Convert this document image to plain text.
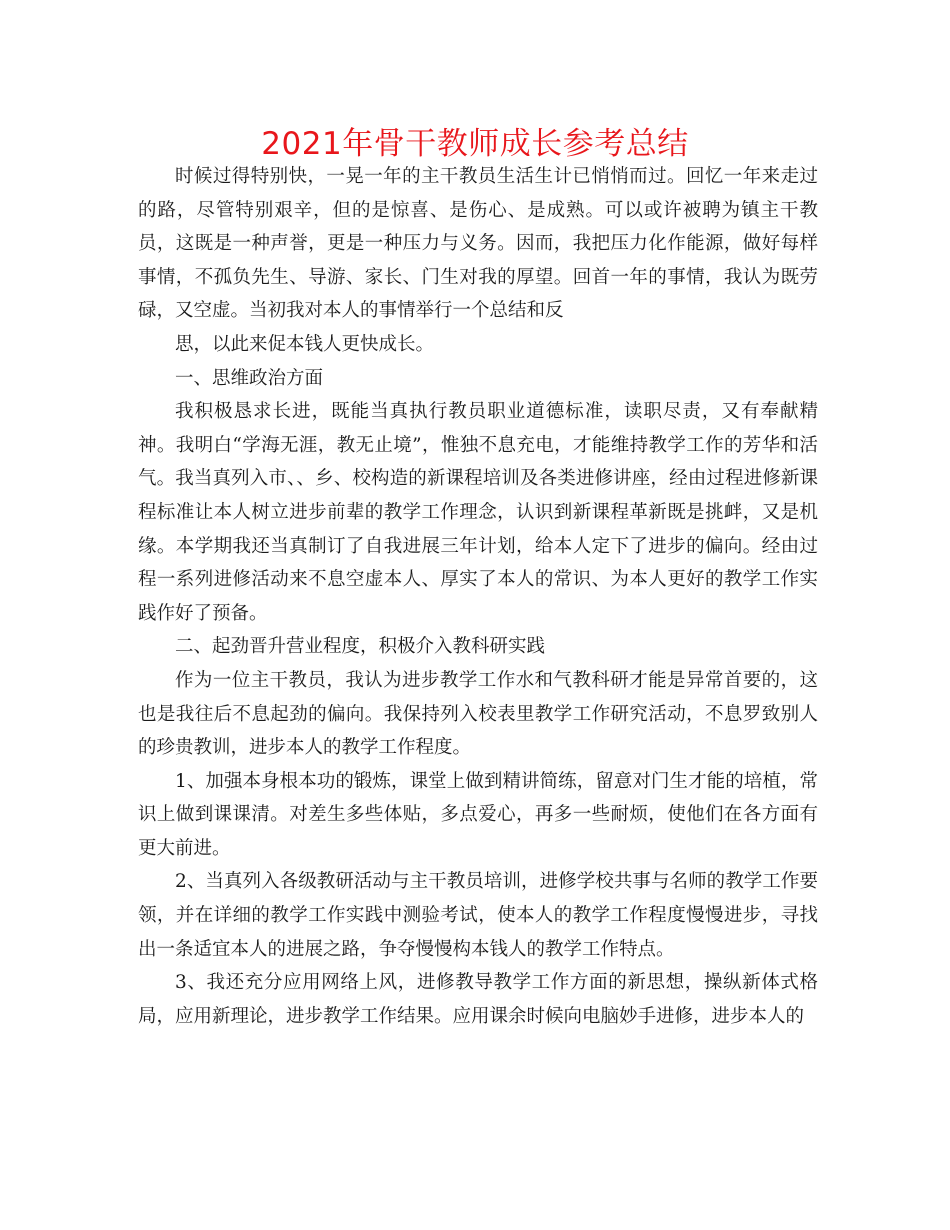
2021年骨干教师成长参考总结

时候过得特别快，一晃一年的主干教员生活生计已悄悄而过。回忆一年来走过的路，尽管特别艰辛，但的是惊喜、是伤心、是成熟。可以或许被聘为镇主干教员，这既是一种声誉，更是一种压力与义务。因而，我把压力化作能源，做好每样事情，不孤负先生、导游、家长、门生对我的厚望。回首一年的事情，我认为既劳碌，又空虚。当初我对本人的事情举行一个总结和反

思，以此来促本钱人更快成长。

一、思维政治方面

我积极恳求长进，既能当真执行教员职业道德标准，读职尽责，又有奉献精神。我明白“学海无涯，教无止境”，惟独不息充电，才能维持教学工作的芳华和活气。我当真列入市、、乡、校构造的新课程培训及各类进修讲座，经由过程进修新课程标准让本人树立进步前辈的教学工作理念，认识到新课程革新既是挑衅，又是机缘。本学期我还当真制订了自我进展三年计划，给本人定下了进步的偏向。经由过程一系列进修活动来不息空虚本人、厚实了本人的常识、为本人更好的教学工作实践作好了预备。

二、起劲晋升营业程度，积极介入教科研实践

作为一位主干教员，我认为进步教学工作水和气教科研才能是异常首要的，这也是我往后不息起劲的偏向。我保持列入校表里教学工作研究活动，不息罗致别人的珍贵教训，进步本人的教学工作程度。

1、加强本身根本功的锻炼，课堂上做到精讲简练，留意对门生才能的培植，常识上做到课课清。对差生多些体贴，多点爱心，再多一些耐烦，使他们在各方面有更大前进。

2、当真列入各级教研活动与主干教员培训，进修学校共事与名师的教学工作要领，并在详细的教学工作实践中测验考试，使本人的教学工作程度慢慢进步，寻找出一条适宜本人的进展之路，争夺慢慢构本钱人的教学工作特点。

3、我还充分应用网络上风，进修教导教学工作方面的新思想，操纵新体式格局，应用新理论，进步教学工作结果。应用课余时候向电脑妙手进修，进步本人的
